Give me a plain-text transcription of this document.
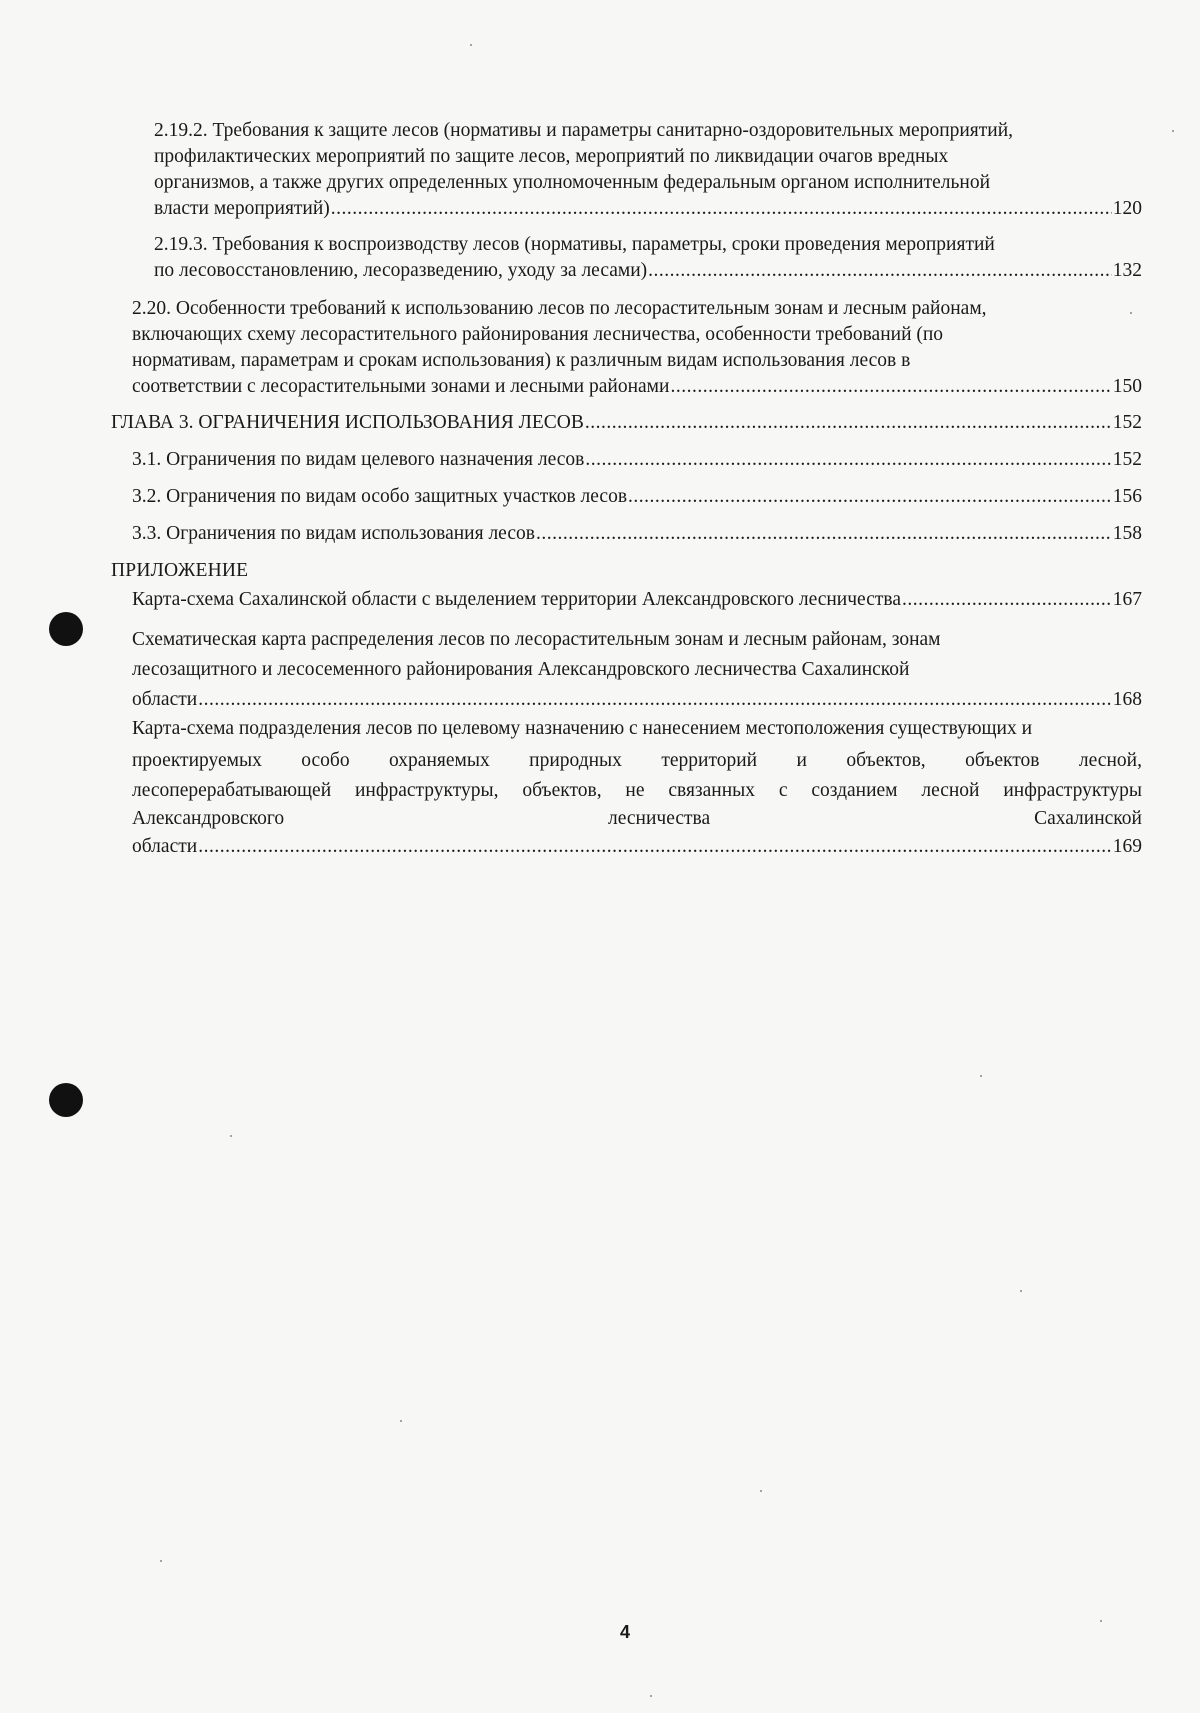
2.19.2. Требования к защите лесов (нормативы и параметры санитарно-оздоровительных мероприятий,
профилактических мероприятий по защите лесов, мероприятий по ликвидации очагов вредных
организмов, а также других определенных уполномоченным федеральным органом исполнительной
власти мероприятий) .....	120
2.19.3. Требования к воспроизводству лесов (нормативы, параметры, сроки проведения мероприятий
по лесовосстановлению, лесоразведению, уходу за лесами) .....	132
2.20. Особенности требований к использованию лесов по лесорастительным зонам и лесным районам,
включающих схему лесорастительного районирования лесничества, особенности требований (по
нормативам, параметрам и срокам использования) к различным видам использования лесов в
соответствии с лесорастительными зонами и лесными районами .....	150
ГЛАВА 3. ОГРАНИЧЕНИЯ ИСПОЛЬЗОВАНИЯ ЛЕСОВ .....	152
3.1. Ограничения по видам целевого назначения лесов .....	152
3.2. Ограничения по видам особо защитных участков лесов .....	156
3.3. Ограничения по видам использования лесов .....	158
ПРИЛОЖЕНИЕ
Карта-схема Сахалинской области с выделением территории Александровского лесничества .....	167
Схематическая карта распределения лесов по лесорастительным зонам и лесным районам, зонам
лесозащитного и лесосеменного районирования Александровского лесничества Сахалинской
области .....	168
Карта-схема подразделения лесов по целевому назначению с нанесением местоположения существующих и
проектируемых особо охраняемых природных территорий и объектов, объектов лесной,
лесоперерабатывающей инфраструктуры, объектов, не связанных с созданием лесной инфраструктуры
Александровского	лесничества	Сахалинской
области .....	169
4
